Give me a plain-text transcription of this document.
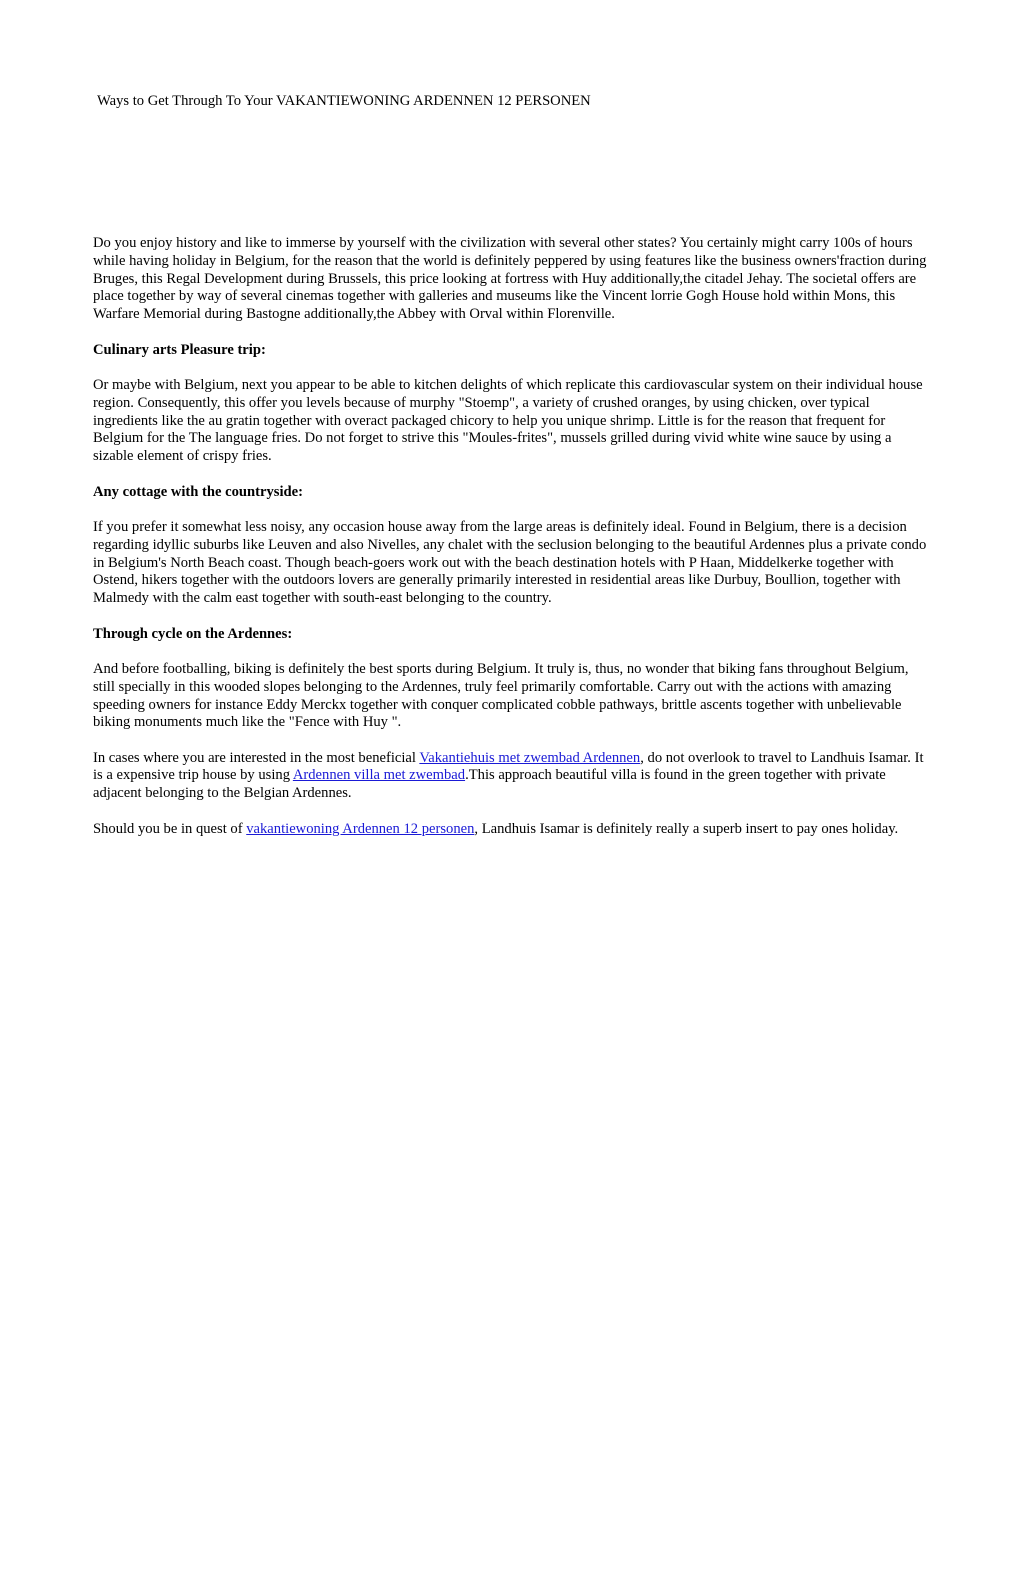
Ways to Get Through To Your VAKANTIEWONING ARDENNEN 12 PERSONEN

Do you enjoy history and like to immerse by yourself with the civilization with several other states? You certainly might carry 100s of hours while having holiday in Belgium, for the reason that the world is definitely peppered by using features like the business owners'fraction during Bruges, this Regal Development during Brussels, this price looking at fortress with Huy additionally,the citadel Jehay. The societal offers are place together by way of several cinemas together with galleries and museums like the Vincent lorrie Gogh House hold within Mons, this Warfare Memorial during Bastogne additionally,the Abbey with Orval within Florenville.

Culinary arts Pleasure trip:

Or maybe with Belgium, next you appear to be able to kitchen delights of which replicate this cardiovascular system on their individual house region. Consequently, this offer you levels because of murphy "Stoemp", a variety of crushed oranges, by using chicken, over typical ingredients like the au gratin together with overact packaged chicory to help you unique shrimp. Little is for the reason that frequent for Belgium for the The language fries. Do not forget to strive this "Moules-frites", mussels grilled during vivid white wine sauce by using a sizable element of crispy fries.

Any cottage with the countryside:

If you prefer it somewhat less noisy, any occasion house away from the large areas is definitely ideal. Found in Belgium, there is a decision regarding idyllic suburbs like Leuven and also Nivelles, any chalet with the seclusion belonging to the beautiful Ardennes plus a private condo in Belgium's North Beach coast. Though beach-goers work out with the beach destination hotels with P Haan, Middelkerke together with Ostend, hikers together with the outdoors lovers are generally primarily interested in residential areas like Durbuy, Boullion, together with Malmedy with the calm east together with south-east belonging to the country.

Through cycle on the Ardennes:

And before footballing, biking is definitely the best sports during Belgium. It truly is, thus, no wonder that biking fans throughout Belgium, still specially in this wooded slopes belonging to the Ardennes, truly feel primarily comfortable. Carry out with the actions with amazing speeding owners for instance Eddy Merckx together with conquer complicated cobble pathways, brittle ascents together with unbelievable biking monuments much like the "Fence with Huy ".

In cases where you are interested in the most beneficial Vakantiehuis met zwembad Ardennen, do not overlook to travel to Landhuis Isamar. It is a expensive trip house by using Ardennen villa met zwembad.This approach beautiful villa is found in the green together with private adjacent belonging to the Belgian Ardennes.

Should you be in quest of vakantiewoning Ardennen 12 personen, Landhuis Isamar is definitely really a superb insert to pay ones holiday.
